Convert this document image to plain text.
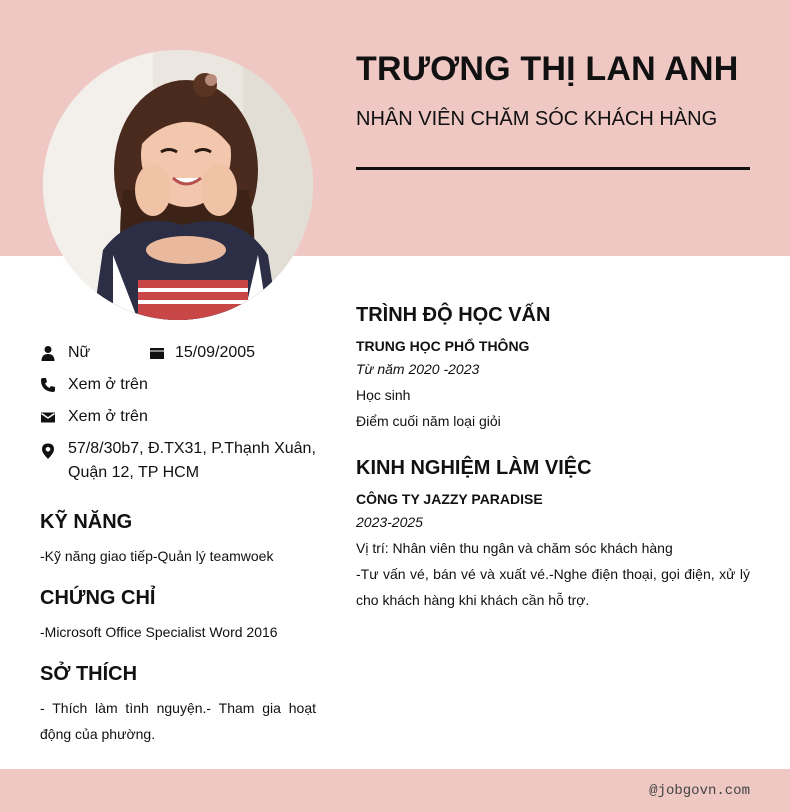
TRƯƠNG THỊ LAN ANH
NHÂN VIÊN CHĂM SÓC KHÁCH HÀNG
Nữ	15/09/2005
Xem ở trên
Xem ở trên
57/8/30b7, Đ.TX31, P.Thạnh Xuân,
Quận 12, TP HCM
KỸ NĂNG
-Kỹ năng giao tiếp-Quản lý teamwoek
CHỨNG CHỈ
-Microsoft Office Specialist Word 2016
SỞ THÍCH
- Thích làm tình nguyện.- Tham gia hoạt động của phường.
TRÌNH ĐỘ HỌC VẤN
TRUNG HỌC PHỔ THÔNG
Từ năm 2020 -2023
Học sinh
Điểm cuối năm loại giỏi
KINH NGHIỆM LÀM VIỆC
CÔNG TY JAZZY PARADISE
2023-2025
Vị trí: Nhân viên thu ngân và chăm sóc khách hàng
-Tư vấn vé, bán vé và xuất vé.-Nghe điện thoại, gọi điện, xử lý cho khách hàng khi khách cần hỗ trợ.
@jobgovn.com
